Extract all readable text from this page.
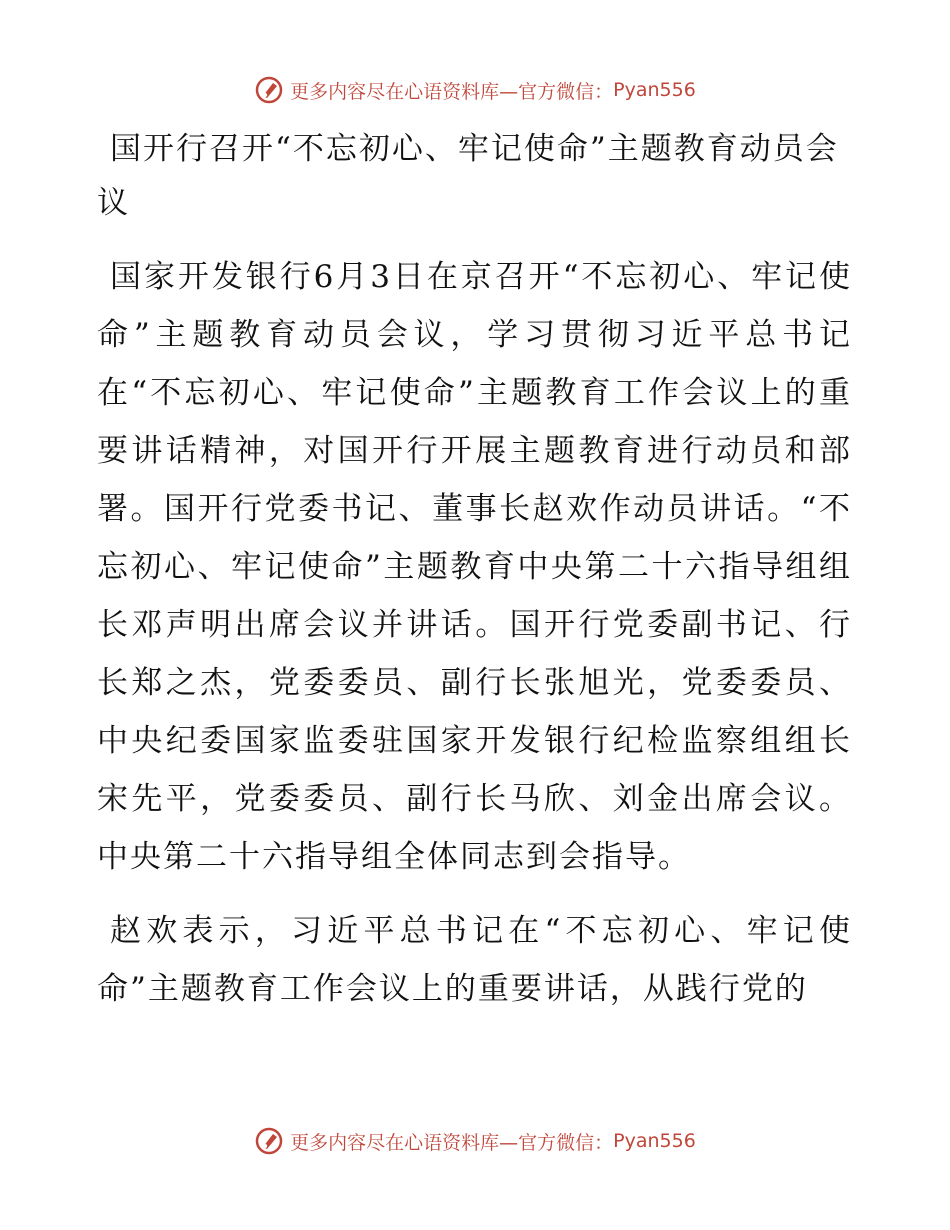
更多内容尽在心语资料库—官方微信： Pyan556
国开行召开“不忘初心、牢记使命”主题教育动员会议

国家开发银行6月3日在京召开“不忘初心、牢记使命”主题教育动员会议，学习贯彻习近平总书记在“不忘初心、牢记使命”主题教育工作会议上的重要讲话精神，对国开行开展主题教育进行动员和部署。国开行党委书记、董事长赵欢作动员讲话。“不忘初心、牢记使命”主题教育中央第二十六指导组组长邓声明出席会议并讲话。国开行党委副书记、行长郑之杰，党委委员、副行长张旭光，党委委员、中央纪委国家监委驻国家开发银行纪检监察组组长宋先平，党委委员、副行长马欣、刘金出席会议。中央第二十六指导组全体同志到会指导。

赵欢表示，习近平总书记在“不忘初心、牢记使命”主题教育工作会议上的重要讲话，从践行党的

更多内容尽在心语资料库—官方微信： Pyan556
